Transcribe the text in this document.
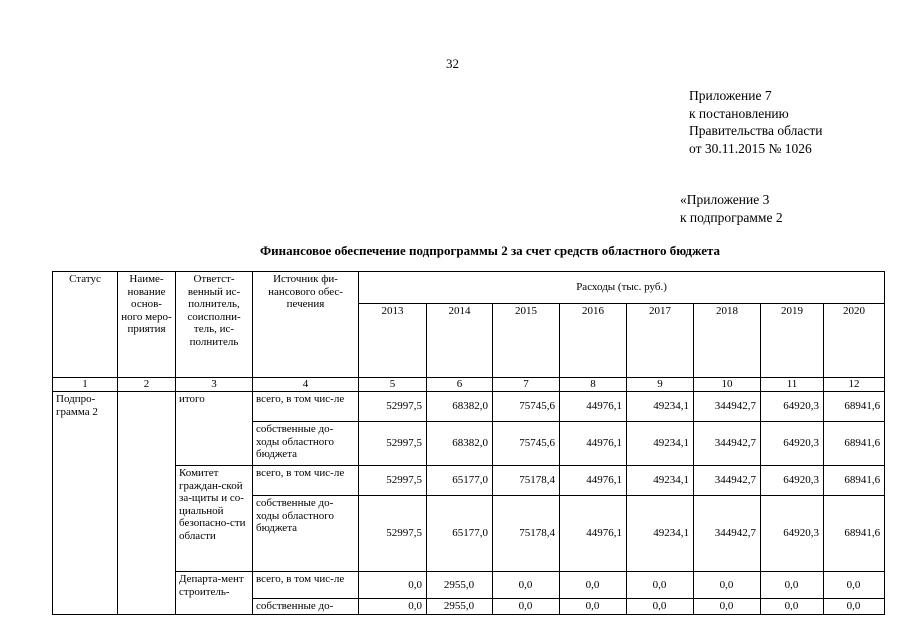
32
Приложение 7
к постановлению
Правительства области
от 30.11.2015 № 1026
«Приложение 3
к подпрограмме 2
Финансовое обеспечение подпрограммы 2 за счет средств областного бюджета
Статус	Наиме-нование основ-ного меро-приятия	Ответст-венный ис-полнитель, соисполни-тель, ис-полнитель	Источник фи-нансового обес-печения	Расходы (тыс. руб.)							
				2013	2014	2015	2016	2017	2018	2019	2020
1	2	3	4	5	6	7	8	9	10	11	12
Подпро-грамма 2		итого	всего, в том чис-ле	52997,5	68382,0	75745,6	44976,1	49234,1	344942,7	64920,3	68941,6
			собственные до-ходы областного бюджета	52997,5	68382,0	75745,6	44976,1	49234,1	344942,7	64920,3	68941,6
		Комитет граждан-ской за-щиты и со-циальной безопасно-сти области	всего, в том чис-ле	52997,5	65177,0	75178,4	44976,1	49234,1	344942,7	64920,3	68941,6
			собственные до-ходы областного бюджета	52997,5	65177,0	75178,4	44976,1	49234,1	344942,7	64920,3	68941,6
		Департа-мент строитель-	всего, в том чис-ле	0,0	2955,0	0,0	0,0	0,0	0,0	0,0	0,0
			собственные до-	0,0	2955,0	0,0	0,0	0,0	0,0	0,0	0,0
